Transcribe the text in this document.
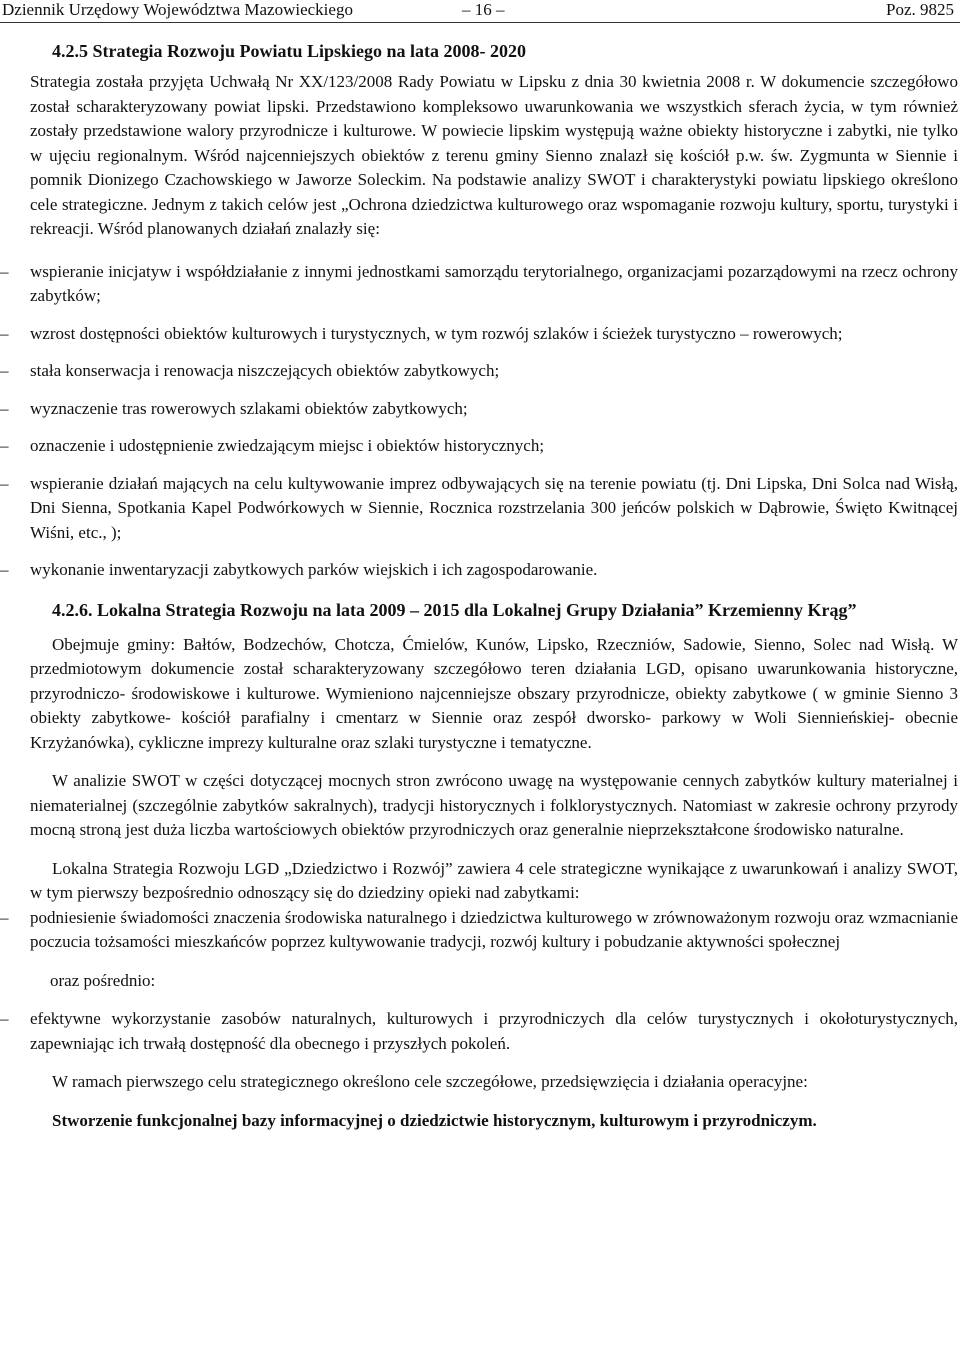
Dziennik Urzędowy Województwa Mazowieckiego	– 16 –	Poz. 9825
4.2.5 Strategia Rozwoju Powiatu Lipskiego na lata 2008- 2020

Strategia została przyjęta Uchwałą Nr XX/123/2008 Rady Powiatu w Lipsku z dnia 30 kwietnia 2008 r. W dokumencie szczegółowo został scharakteryzowany powiat lipski. Przedstawiono kompleksowo uwarunkowania we wszystkich sferach życia, w tym również zostały przedstawione walory przyrodnicze i kulturowe. W powiecie lipskim występują ważne obiekty historyczne i zabytki, nie tylko w ujęciu regionalnym. Wśród najcenniejszych obiektów z terenu gminy Sienno znalazł się kościół p.w. św. Zygmunta w Siennie i pomnik Dionizego Czachowskiego w Jaworze Soleckim. Na podstawie analizy SWOT i charakterystyki powiatu lipskiego określono cele strategiczne. Jednym z takich celów jest „Ochrona dziedzictwa kulturowego oraz wspomaganie rozwoju kultury, sportu, turystyki i rekreacji. Wśród planowanych działań znalazły się:

– wspieranie inicjatyw i współdziałanie z innymi jednostkami samorządu terytorialnego, organizacjami pozarządowymi na rzecz ochrony zabytków;
– wzrost dostępności obiektów kulturowych i turystycznych, w tym rozwój szlaków i ścieżek turystyczno – rowerowych;
– stała konserwacja i renowacja niszczejących obiektów zabytkowych;
– wyznaczenie tras rowerowych szlakami obiektów zabytkowych;
– oznaczenie i udostępnienie zwiedzającym miejsc i obiektów historycznych;
– wspieranie działań mających na celu kultywowanie imprez odbywających się na terenie powiatu (tj. Dni Lipska, Dni Solca nad Wisłą, Dni Sienna, Spotkania Kapel Podwórkowych w Siennie, Rocznica rozstrzelania 300 jeńców polskich w Dąbrowie, Święto Kwitnącej Wiśni, etc., );
– wykonanie inwentaryzacji zabytkowych parków wiejskich i ich zagospodarowanie.
4.2.6. Lokalna Strategia Rozwoju na lata 2009 – 2015 dla Lokalnej Grupy Działania” Krzemienny Krąg”

Obejmuje gminy: Bałtów, Bodzechów, Chotcza, Ćmielów, Kunów, Lipsko, Rzeczniów, Sadowie, Sienno, Solec nad Wisłą. W przedmiotowym dokumencie został scharakteryzowany szczegółowo teren działania LGD, opisano uwarunkowania historyczne, przyrodniczo- środowiskowe i kulturowe. Wymieniono najcenniejsze obszary przyrodnicze, obiekty zabytkowe ( w gminie Sienno 3 obiekty zabytkowe- kościół parafialny i cmentarz w Siennie oraz zespół dworsko- parkowy w Woli Siennieńskiej- obecnie Krzyżanówka), cykliczne imprezy kulturalne oraz szlaki turystyczne i tematyczne.

W analizie SWOT w części dotyczącej mocnych stron zwrócono uwagę na występowanie cennych zabytków kultury materialnej i niematerialnej (szczególnie zabytków sakralnych), tradycji historycznych i folklorystycznych. Natomiast w zakresie ochrony przyrody mocną stroną jest duża liczba wartościowych obiektów przyrodniczych oraz generalnie nieprzekształcone środowisko naturalne.

Lokalna Strategia Rozwoju LGD „Dziedzictwo i Rozwój” zawiera 4 cele strategiczne wynikające z uwarunkowań i analizy SWOT, w tym pierwszy bezpośrednio odnoszący się do dziedziny opieki nad zabytkami:

– podniesienie świadomości znaczenia środowiska naturalnego i dziedzictwa kulturowego w zrównoważonym rozwoju oraz wzmacnianie poczucia tożsamości mieszkańców poprzez kultywowanie tradycji, rozwój kultury i pobudzanie aktywności społecznej

oraz pośrednio:

– efektywne wykorzystanie zasobów naturalnych, kulturowych i przyrodniczych dla celów turystycznych i okołoturystycznych, zapewniając ich trwałą dostępność dla obecnego i przyszłych pokoleń.

W ramach pierwszego celu strategicznego określono cele szczegółowe, przedsięwzięcia i działania operacyjne:

Stworzenie funkcjonalnej bazy informacyjnej o dziedzictwie historycznym, kulturowym i przyrodniczym.
